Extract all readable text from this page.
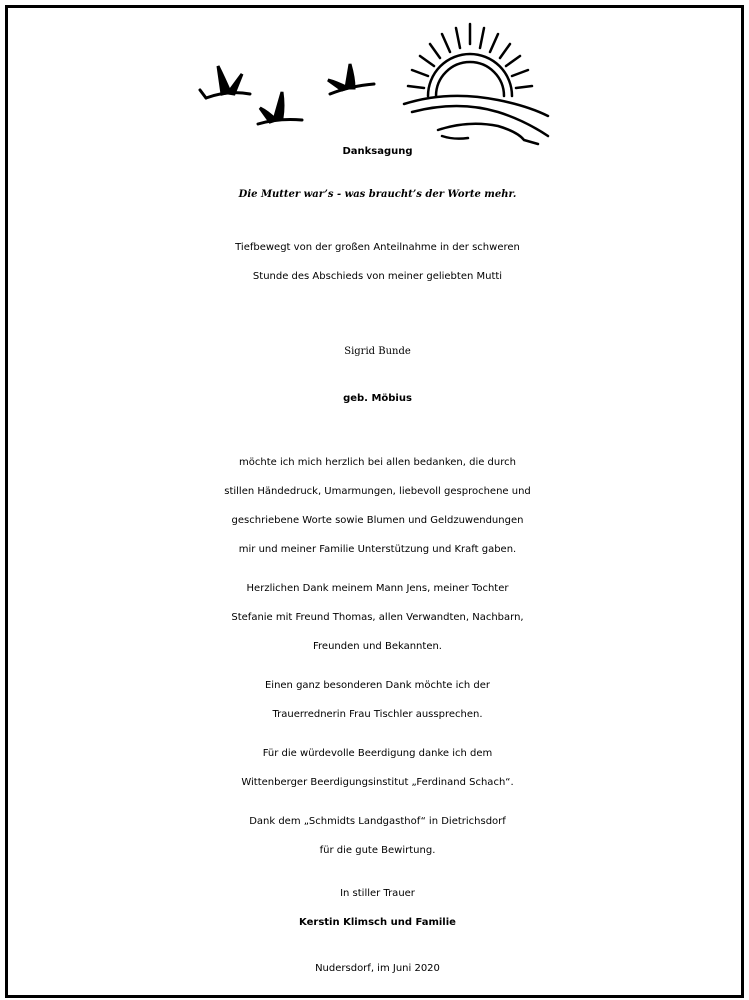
Danksagung
Die Mutter war’s - was braucht’s der Worte mehr.
Tiefbewegt von der großen Anteilnahme in der schweren
Stunde des Abschieds von meiner geliebten Mutti
Sigrid Bunde
geb. Möbius
möchte ich mich herzlich bei allen bedanken, die durch
stillen Händedruck, Umarmungen, liebevoll gesprochene und
geschriebene Worte sowie Blumen und Geldzuwendungen
mir und meiner Familie Unterstützung und Kraft gaben.
Herzlichen Dank meinem Mann Jens, meiner Tochter
Stefanie mit Freund Thomas, allen Verwandten, Nachbarn,
Freunden und Bekannten.
Einen ganz besonderen Dank möchte ich der
Trauerrednerin Frau Tischler aussprechen.
Für die würdevolle Beerdigung danke ich dem
Wittenberger Beerdigungsinstitut „Ferdinand Schach“.
Dank dem „Schmidts Landgasthof“ in Dietrichsdorf
für die gute Bewirtung.
In stiller Trauer
Kerstin Klimsch und Familie
Nudersdorf, im Juni 2020
